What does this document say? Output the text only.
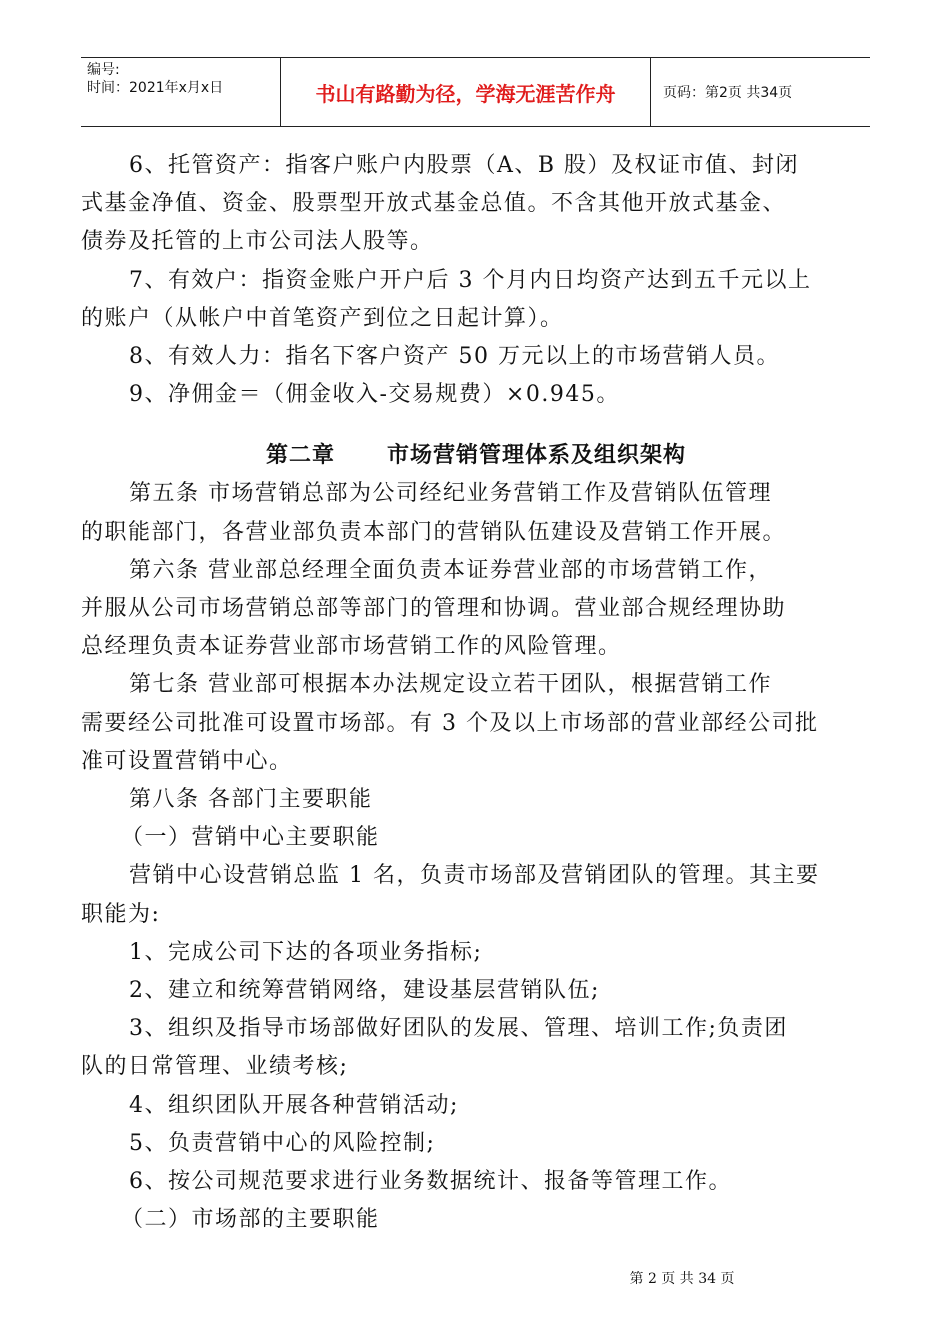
编号:
时间：2021年x月x日	书山有路勤为径，学海无涯苦作舟	页码：第2页 共34页
6、托管资产：指客户账户内股票（A、B 股）及权证市值、封闭
式基金净值、资金、股票型开放式基金总值。不含其他开放式基金、
债券及托管的上市公司法人股等。
7、有效户：指资金账户开户后 3 个月内日均资产达到五千元以上
的账户（从帐户中首笔资产到位之日起计算）。
8、有效人力：指名下客户资产 50 万元以上的市场营销人员。
9、净佣金＝（佣金收入-交易规费）×0.945。
第二章 市场营销管理体系及组织架构
第五条 市场营销总部为公司经纪业务营销工作及营销队伍管理
的职能部门，各营业部负责本部门的营销队伍建设及营销工作开展。
第六条 营业部总经理全面负责本证券营业部的市场营销工作，
并服从公司市场营销总部等部门的管理和协调。营业部合规经理协助
总经理负责本证券营业部市场营销工作的风险管理。
第七条 营业部可根据本办法规定设立若干团队，根据营销工作
需要经公司批准可设置市场部。有 3 个及以上市场部的营业部经公司批
准可设置营销中心。
第八条 各部门主要职能
（一）营销中心主要职能
营销中心设营销总监 1 名，负责市场部及营销团队的管理。其主要
职能为:
1、完成公司下达的各项业务指标;
2、建立和统筹营销网络，建设基层营销队伍;
3、组织及指导市场部做好团队的发展、管理、培训工作;负责团
队的日常管理、业绩考核;
4、组织团队开展各种营销活动;
5、负责营销中心的风险控制;
6、按公司规范要求进行业务数据统计、报备等管理工作。
（二）市场部的主要职能
第 2 页 共 34 页
